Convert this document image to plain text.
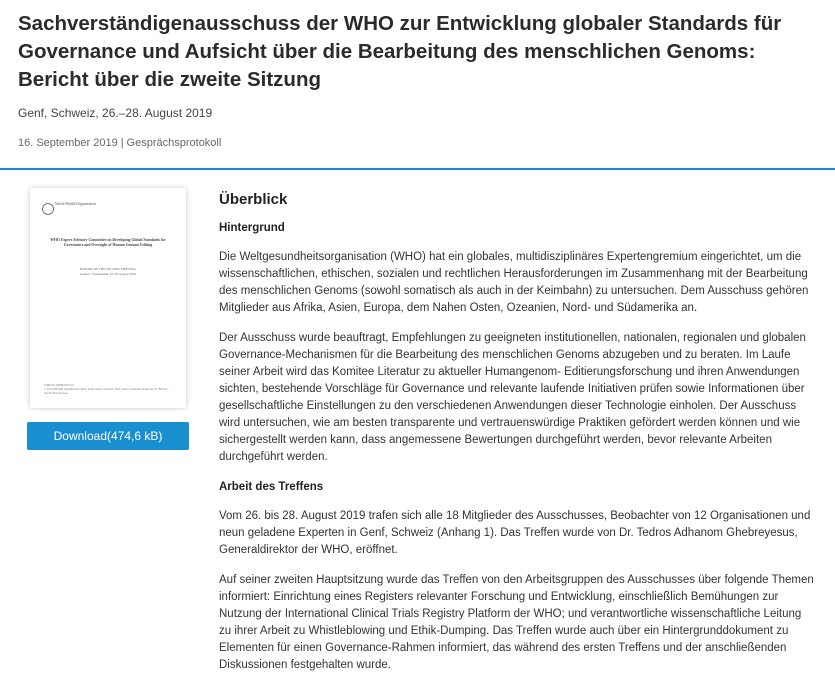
Sachverständigenausschuss der WHO zur Entwicklung globaler Standards für Governance und Aufsicht über die Bearbeitung des menschlichen Genoms: Bericht über die zweite Sitzung
Genf, Schweiz, 26.–28. August 2019
16. September 2019 | Gesprächsprotokoll
World Health Organization
WHO Expert Advisory Committee on Developing Global Standards for Governance and Oversight of Human Genome Editing
REPORT OF THE SECOND MEETING
Geneva, Switzerland, 26–28 August 2019
WHO/SCI/RFH/2019.02
© World Health Organization 2019. Some rights reserved. This work is available under the CC BY-NC-SA 3.0 IGO licence.
Download(474,6 kB)
Überblick
Hintergrund

Die Weltgesundheitsorganisation (WHO) hat ein globales, multidisziplinäres Expertengremium eingerichtet, um die wissenschaftlichen, ethischen, sozialen und rechtlichen Herausforderungen im Zusammenhang mit der Bearbeitung des menschlichen Genoms (sowohl somatisch als auch in der Keimbahn) zu untersuchen. Dem Ausschuss gehören Mitglieder aus Afrika, Asien, Europa, dem Nahen Osten, Ozeanien, Nord- und Südamerika an.

Der Ausschuss wurde beauftragt, Empfehlungen zu geeigneten institutionellen, nationalen, regionalen und globalen Governance-Mechanismen für die Bearbeitung des menschlichen Genoms abzugeben und zu beraten. Im Laufe seiner Arbeit wird das Komitee Literatur zu aktueller Humangenom- Editierungsforschung und ihren Anwendungen sichten, bestehende Vorschläge für Governance und relevante laufende Initiativen prüfen sowie Informationen über gesellschaftliche Einstellungen zu den verschiedenen Anwendungen dieser Technologie einholen. Der Ausschuss wird untersuchen, wie am besten transparente und vertrauenswürdige Praktiken gefördert werden können und wie sichergestellt werden kann, dass angemessene Bewertungen durchgeführt werden, bevor relevante Arbeiten durchgeführt werden.

Arbeit des Treffens

Vom 26. bis 28. August 2019 trafen sich alle 18 Mitglieder des Ausschusses, Beobachter von 12 Organisationen und neun geladene Experten in Genf, Schweiz (Anhang 1). Das Treffen wurde von Dr. Tedros Adhanom Ghebreyesus, Generaldirektor der WHO, eröffnet.

Auf seiner zweiten Hauptsitzung wurde das Treffen von den Arbeitsgruppen des Ausschusses über folgende Themen informiert: Einrichtung eines Registers relevanter Forschung und Entwicklung, einschließlich Bemühungen zur Nutzung der International Clinical Trials Registry Platform der WHO; und verantwortliche wissenschaftliche Leitung zu ihrer Arbeit zu Whistleblowing und Ethik-Dumping. Das Treffen wurde auch über ein Hintergrunddokument zu Elementen für einen Governance-Rahmen informiert, das während des ersten Treffens und der anschließenden Diskussionen festgehalten wurde.
